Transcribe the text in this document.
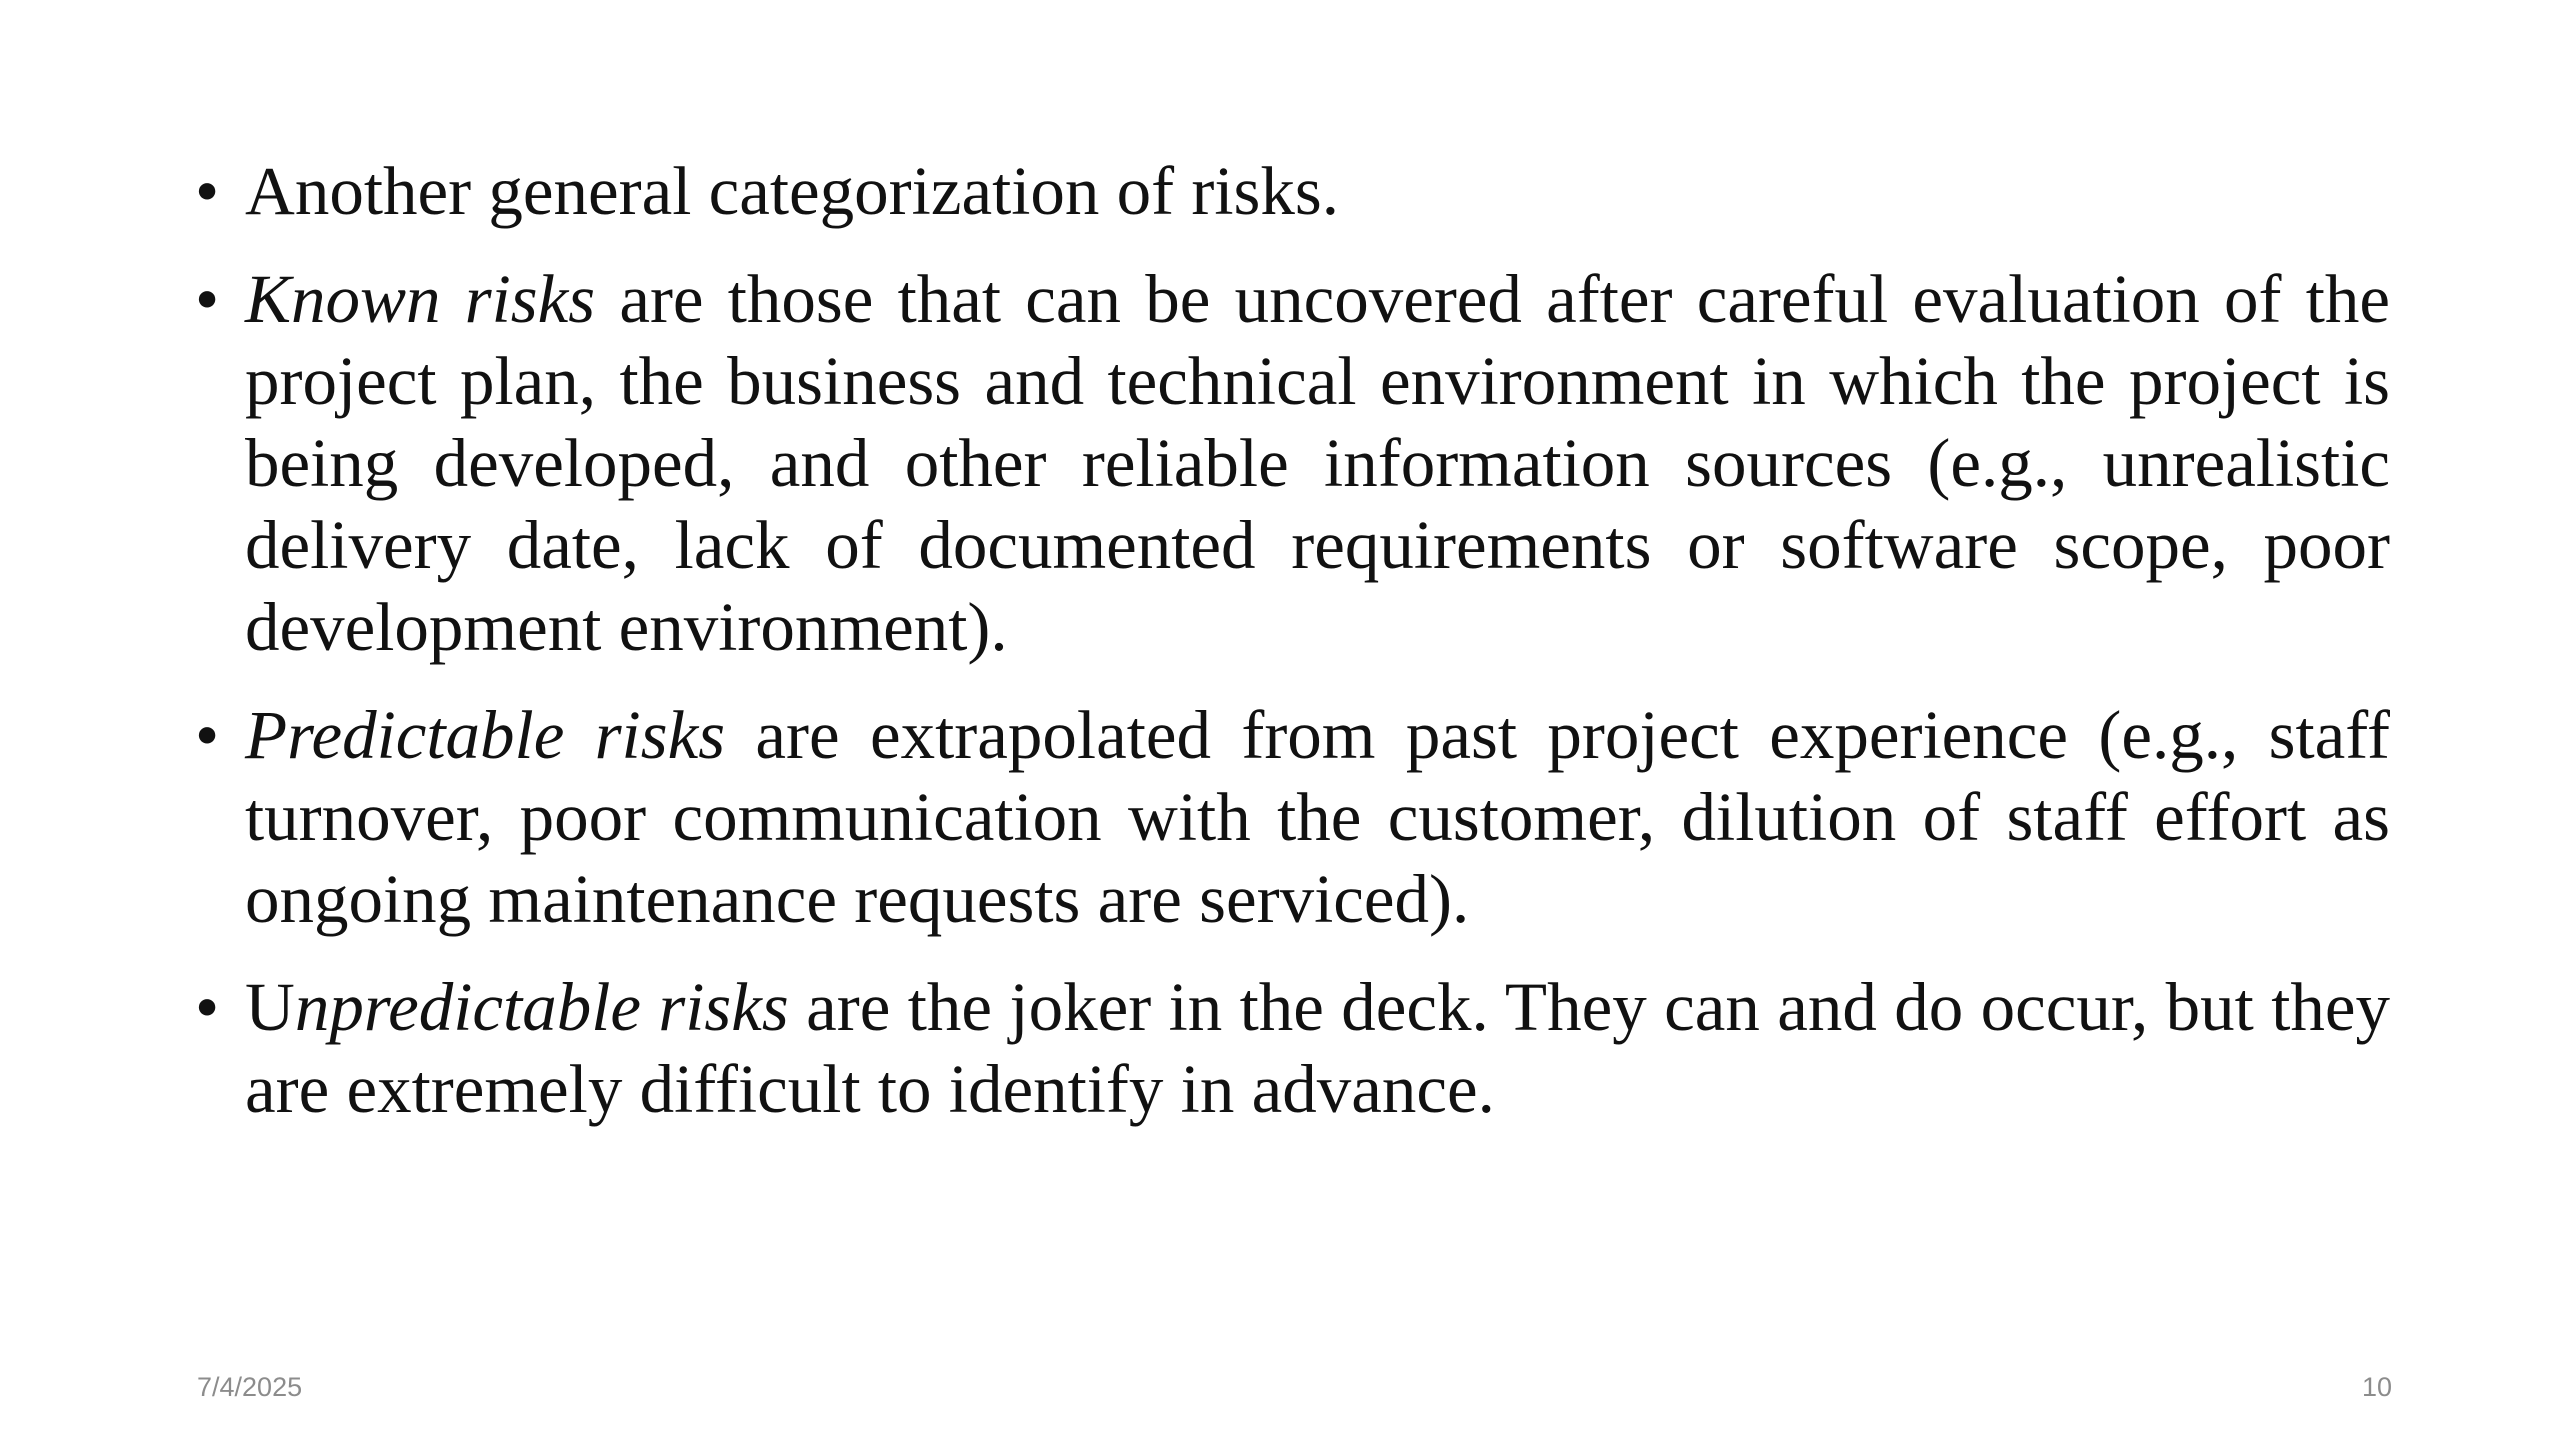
• Another general categorization of risks.
• Known risks are those that can be uncovered after careful evaluation of the project plan, the business and technical environment in which the project is being developed, and other reliable information sources (e.g., unrealistic delivery date, lack of documented requirements or software scope, poor development environment).
• Predictable risks are extrapolated from past project experience (e.g., staff turnover, poor communication with the customer, dilution of staff effort as ongoing maintenance requests are serviced).
• Unpredictable risks are the joker in the deck. They can and do occur, but they are extremely difficult to identify in advance.
7/4/2025	10
